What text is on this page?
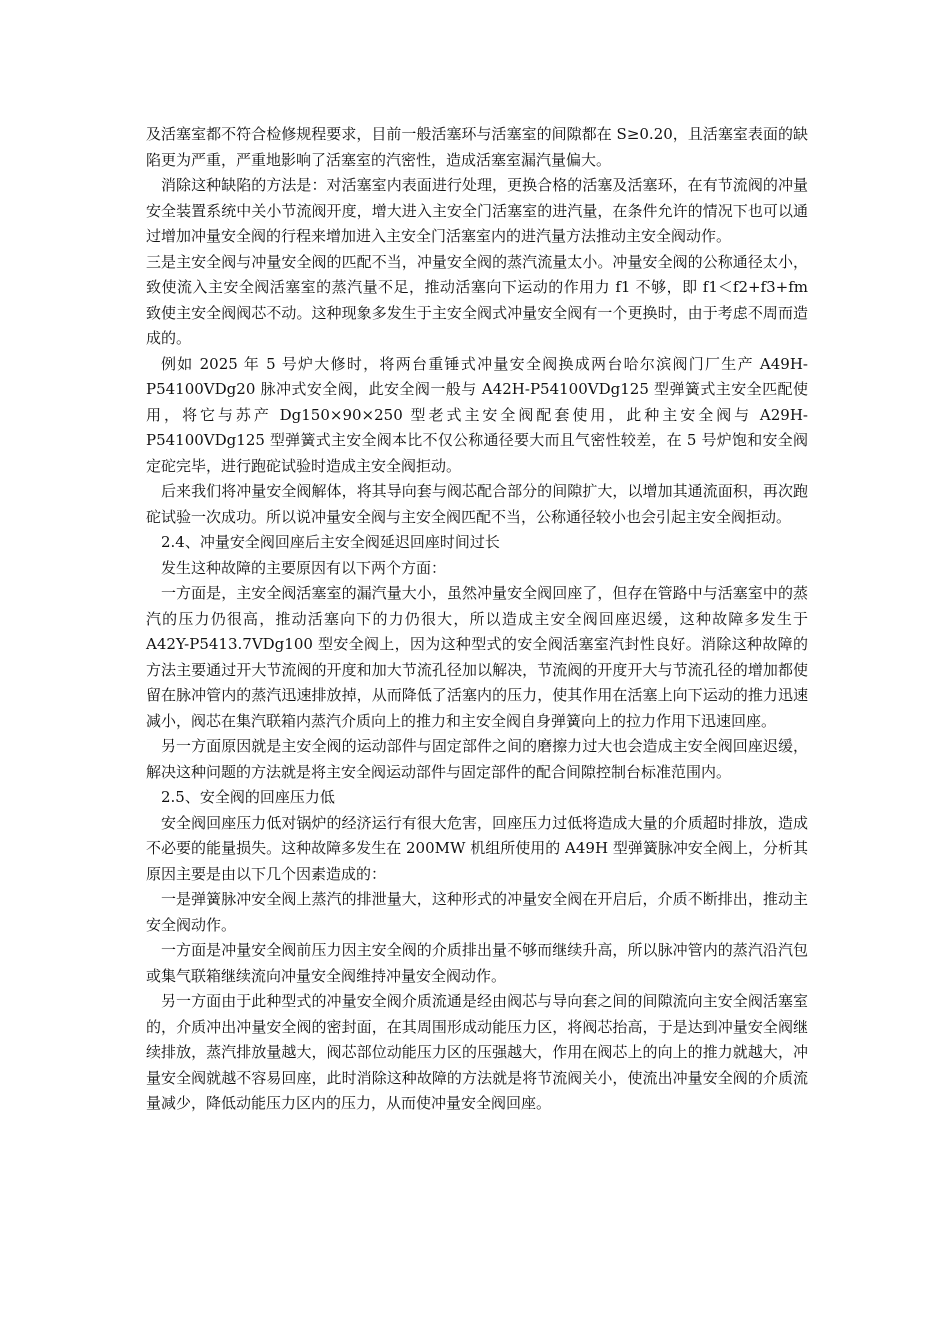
及活塞室都不符合检修规程要求，目前一般活塞环与活塞室的间隙都在 S≥0.20，且活塞室表面的缺陷更为严重，严重地影响了活塞室的汽密性，造成活塞室漏汽量偏大。

消除这种缺陷的方法是：对活塞室内表面进行处理，更换合格的活塞及活塞环，在有节流阀的冲量安全装置系统中关小节流阀开度，增大进入主安全门活塞室的进汽量，在条件允许的情况下也可以通过增加冲量安全阀的行程来增加进入主安全门活塞室内的进汽量方法推动主安全阀动作。

三是主安全阀与冲量安全阀的匹配不当，冲量安全阀的蒸汽流量太小。冲量安全阀的公称通径太小，致使流入主安全阀活塞室的蒸汽量不足，推动活塞向下运动的作用力 f1 不够，即 f1＜f2+f3+fm 致使主安全阀阀芯不动。这种现象多发生于主安全阀式冲量安全阀有一个更换时，由于考虑不周而造成的。

例如 2025 年 5 号炉大修时，将两台重锤式冲量安全阀换成两台哈尔滨阀门厂生产 A49H-P54100VDg20 脉冲式安全阀，此安全阀一般与 A42H-P54100VDg125 型弹簧式主安全匹配使用，将它与苏产 Dg150×90×250 型老式主安全阀配套使用，此种主安全阀与 A29H-P54100VDg125 型弹簧式主安全阀本比不仅公称通径要大而且气密性较差，在 5 号炉饱和安全阀定砣完毕，进行跑砣试验时造成主安全阀拒动。

后来我们将冲量安全阀解体，将其导向套与阀芯配合部分的间隙扩大，以增加其通流面积，再次跑砣试验一次成功。所以说冲量安全阀与主安全阀匹配不当，公称通径较小也会引起主安全阀拒动。

2.4、冲量安全阀回座后主安全阀延迟回座时间过长

发生这种故障的主要原因有以下两个方面：

一方面是，主安全阀活塞室的漏汽量大小，虽然冲量安全阀回座了，但存在管路中与活塞室中的蒸汽的压力仍很高，推动活塞向下的力仍很大，所以造成主安全阀回座迟缓，这种故障多发生于 A42Y-P5413.7VDg100 型安全阀上，因为这种型式的安全阀活塞室汽封性良好。消除这种故障的方法主要通过开大节流阀的开度和加大节流孔径加以解决，节流阀的开度开大与节流孔径的增加都使留在脉冲管内的蒸汽迅速排放掉，从而降低了活塞内的压力，使其作用在活塞上向下运动的推力迅速减小，阀芯在集汽联箱内蒸汽介质向上的推力和主安全阀自身弹簧向上的拉力作用下迅速回座。

另一方面原因就是主安全阀的运动部件与固定部件之间的磨擦力过大也会造成主安全阀回座迟缓，解决这种问题的方法就是将主安全阀运动部件与固定部件的配合间隙控制台标准范围内。

2.5、安全阀的回座压力低

安全阀回座压力低对锅炉的经济运行有很大危害，回座压力过低将造成大量的介质超时排放，造成不必要的能量损失。这种故障多发生在 200MW 机组所使用的 A49H 型弹簧脉冲安全阀上，分析其原因主要是由以下几个因素造成的：

一是弹簧脉冲安全阀上蒸汽的排泄量大，这种形式的冲量安全阀在开启后，介质不断排出，推动主安全阀动作。

一方面是冲量安全阀前压力因主安全阀的介质排出量不够而继续升高，所以脉冲管内的蒸汽沿汽包或集气联箱继续流向冲量安全阀维持冲量安全阀动作。

另一方面由于此种型式的冲量安全阀介质流通是经由阀芯与导向套之间的间隙流向主安全阀活塞室的，介质冲出冲量安全阀的密封面，在其周围形成动能压力区，将阀芯抬高，于是达到冲量安全阀继续排放，蒸汽排放量越大，阀芯部位动能压力区的压强越大，作用在阀芯上的向上的推力就越大，冲量安全阀就越不容易回座，此时消除这种故障的方法就是将节流阀关小，使流出冲量安全阀的介质流量减少，降低动能压力区内的压力，从而使冲量安全阀回座。
